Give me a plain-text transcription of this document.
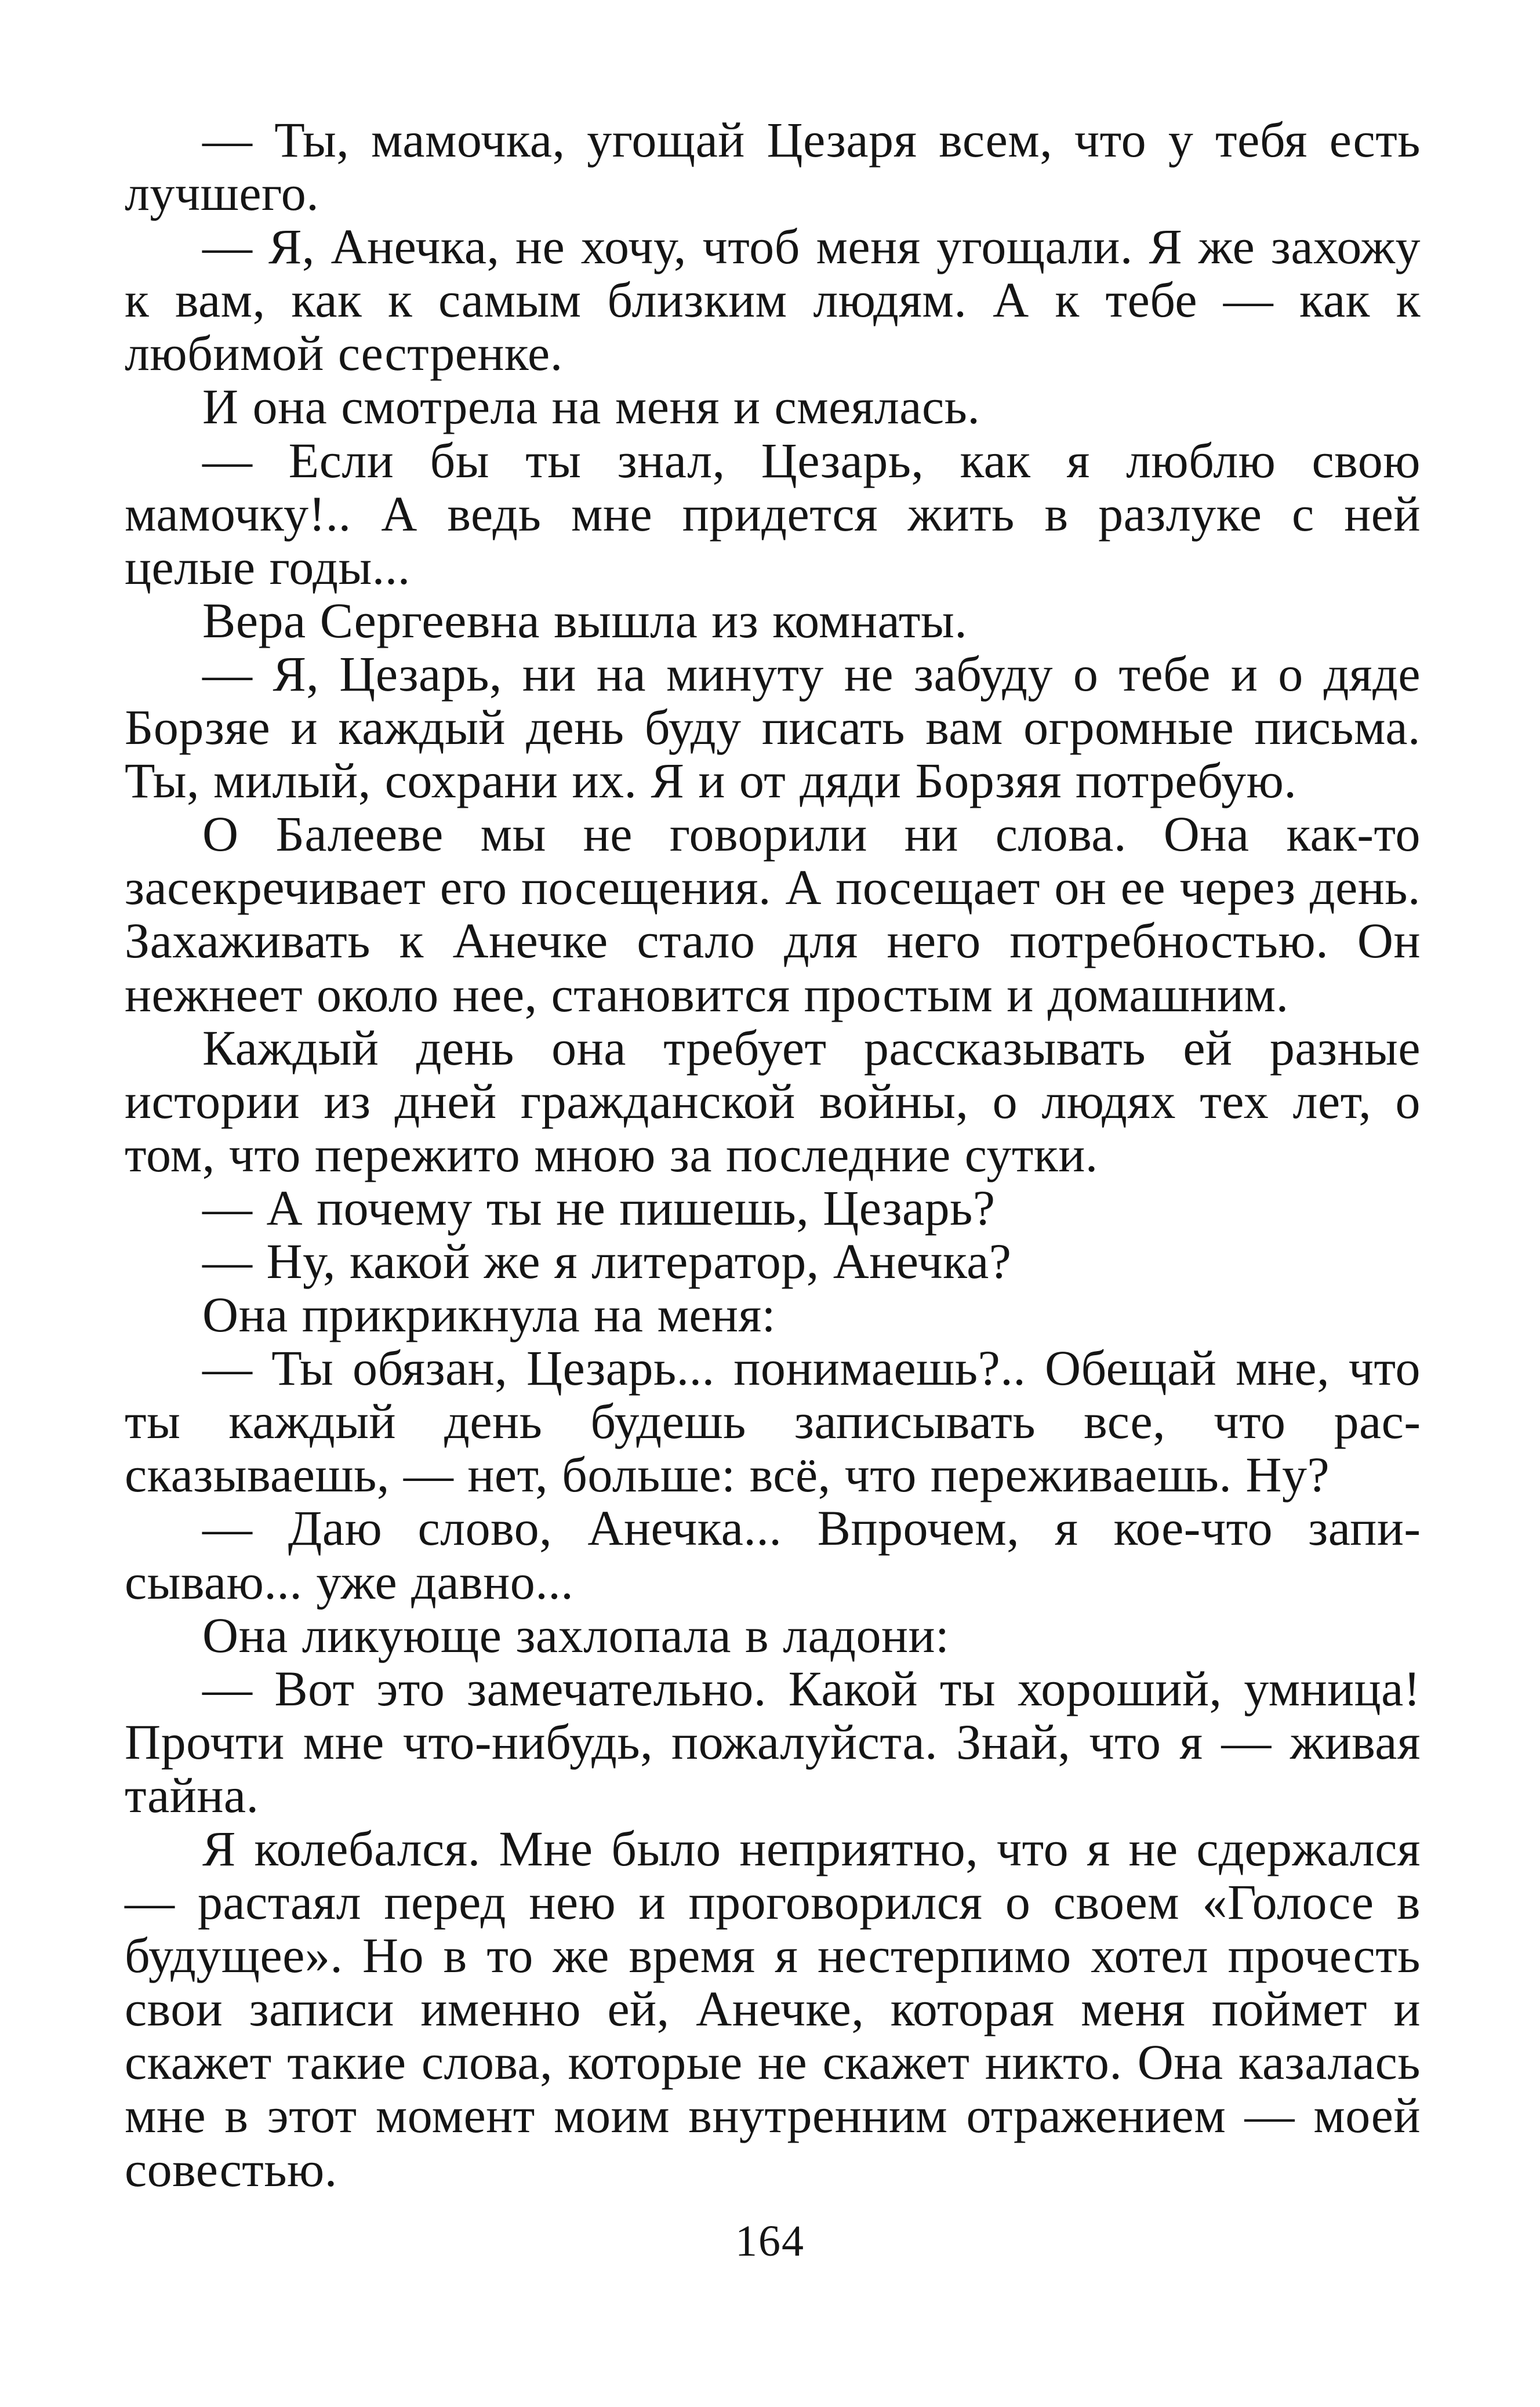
— Ты, мамочка, угощай Цезаря всем, что у тебя есть лучшего.

— Я, Анечка, не хочу, чтоб меня угощали. Я же захожу к вам, как к самым близким людям. А к тебе — как к любимой сестренке.

И она смотрела на меня и смеялась.

— Если бы ты знал, Цезарь, как я люблю свою мамочку!.. А ведь мне придется жить в разлуке с ней целые годы...

Вера Сергеевна вышла из комнаты.

— Я, Цезарь, ни на минуту не забуду о тебе и о дяде Борзяе и каждый день буду писать вам огромные письма. Ты, милый, сохрани их. Я и от дяди Борзяя потребую.

О Балееве мы не говорили ни слова. Она как-то засекречивает его посещения. А посещает он ее через день. Захаживать к Анечке стало для него потребностью. Он нежнеет около нее, становится простым и домашним.

Каждый день она требует рассказывать ей разные истории из дней гражданской войны, о людях тех лет, о том, что пережито мною за последние сутки.

— А почему ты не пишешь, Цезарь?

— Ну, какой же я литератор, Анечка?

Она прикрикнула на меня:

— Ты обязан, Цезарь... понимаешь?.. Обещай мне, что ты каждый день будешь записывать все, что рассказываешь, — нет, больше: всё, что переживаешь. Ну?

— Даю слово, Анечка... Впрочем, я кое-что записываю... уже давно...

Она ликующе захлопала в ладони:

— Вот это замечательно. Какой ты хороший, умница! Прочти мне что-нибудь, пожалуйста. Знай, что я — живая тайна.

Я колебался. Мне было неприятно, что я не сдержался — растаял перед нею и проговорился о своем «Голосе в будущее». Но в то же время я нестерпимо хотел прочесть свои записи именно ей, Анечке, которая меня поймет и скажет такие слова, которые не скажет никто. Она казалась мне в этот момент моим внутренним отражением — моей совестью.

164
